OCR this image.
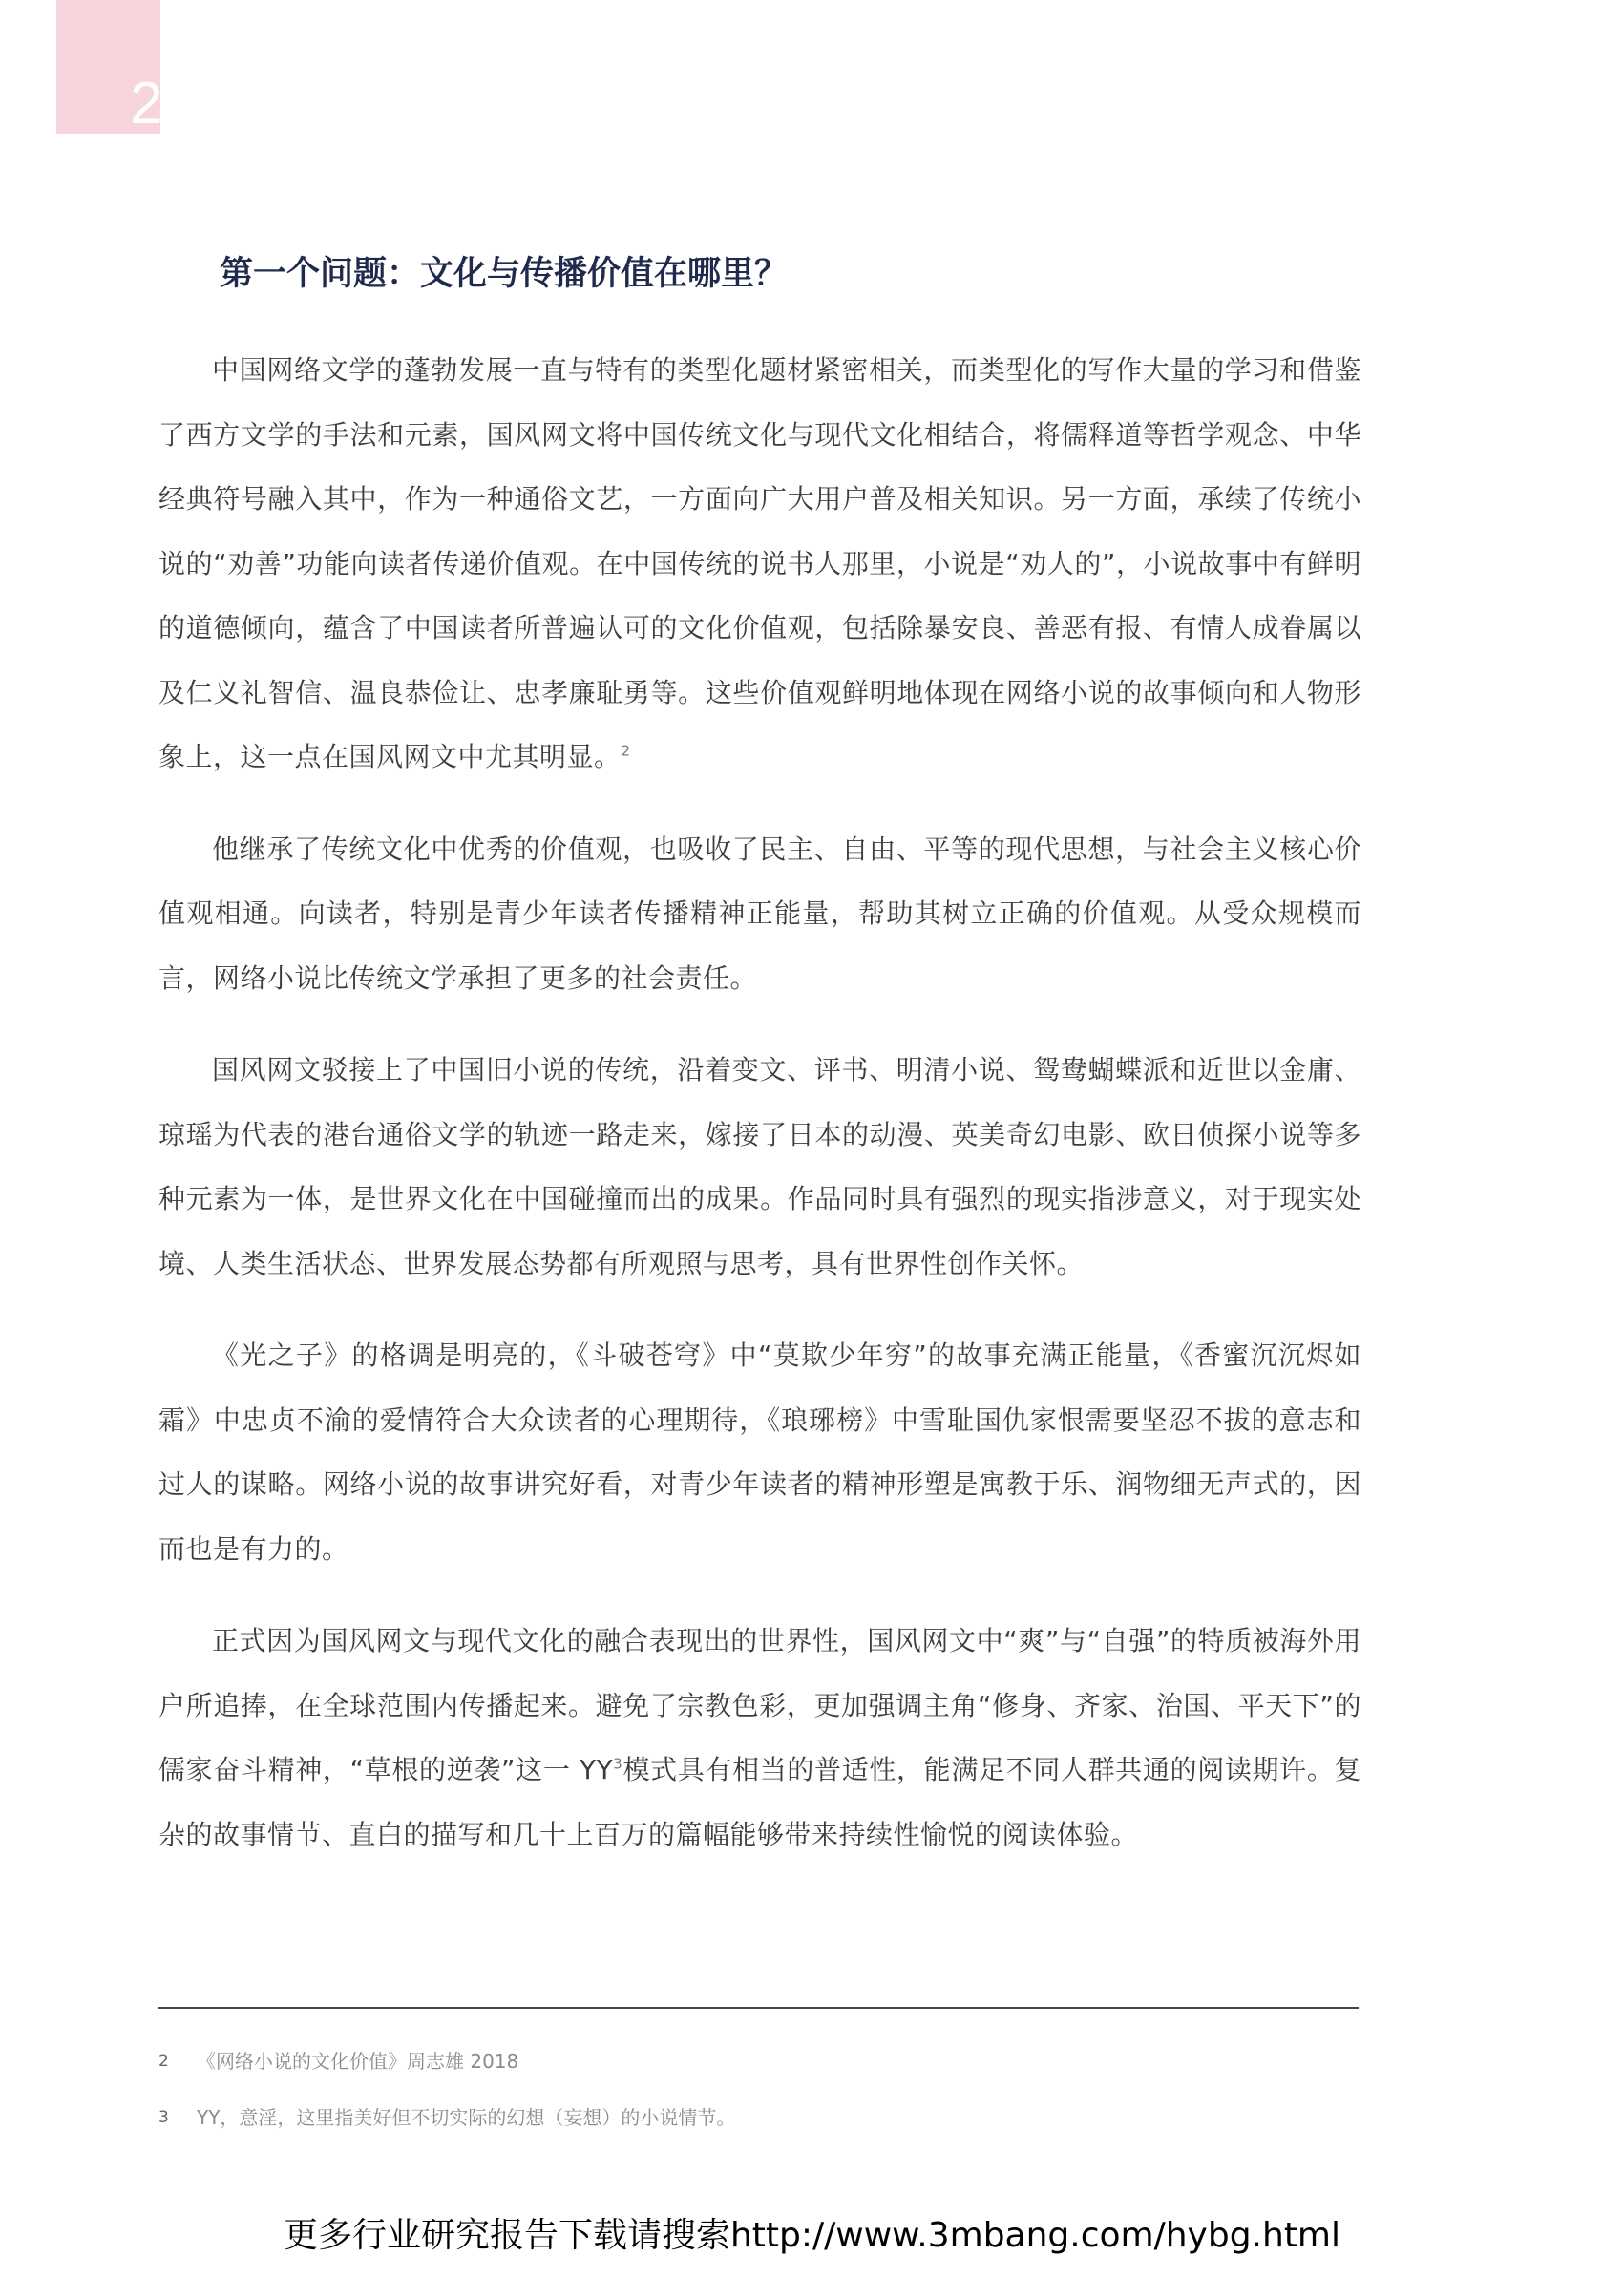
2
第一个问题：文化与传播价值在哪里？

中国网络文学的蓬勃发展一直与特有的类型化题材紧密相关，而类型化的写作大量的学习和借鉴了西方文学的手法和元素，国风网文将中国传统文化与现代文化相结合，将儒释道等哲学观念、中华经典符号融入其中，作为一种通俗文艺，一方面向广大用户普及相关知识。另一方面，承续了传统小说的“劝善”功能向读者传递价值观。在中国传统的说书人那里，小说是“劝人的”，小说故事中有鲜明的道德倾向，蕴含了中国读者所普遍认可的文化价值观，包括除暴安良、善恶有报、有情人成眷属以及仁义礼智信、温良恭俭让、忠孝廉耻勇等。这些价值观鲜明地体现在网络小说的故事倾向和人物形象上，这一点在国风网文中尤其明显。$^2$

他继承了传统文化中优秀的价值观，也吸收了民主、自由、平等的现代思想，与社会主义核心价值观相通。向读者，特别是青少年读者传播精神正能量，帮助其树立正确的价值观。从受众规模而言，网络小说比传统文学承担了更多的社会责任。

国风网文驳接上了中国旧小说的传统，沿着变文、评书、明清小说、鸳鸯蝴蝶派和近世以金庸、琼瑶为代表的港台通俗文学的轨迹一路走来，嫁接了日本的动漫、英美奇幻电影、欧日侦探小说等多种元素为一体，是世界文化在中国碰撞而出的成果。作品同时具有强烈的现实指涉意义，对于现实处境、人类生活状态、世界发展态势都有所观照与思考，具有世界性创作关怀。

《光之子》的格调是明亮的，《斗破苍穹》中“莫欺少年穷”的故事充满正能量，《香蜜沉沉烬如霜》中忠贞不渝的爱情符合大众读者的心理期待，《琅琊榜》中雪耻国仇家恨需要坚忍不拔的意志和过人的谋略。网络小说的故事讲究好看，对青少年读者的精神形塑是寓教于乐、润物细无声式的，因而也是有力的。

正式因为国风网文与现代文化的融合表现出的世界性，国风网文中“爽”与“自强”的特质被海外用户所追捧，在全球范围内传播起来。避免了宗教色彩，更加强调主角“修身、齐家、治国、平天下”的儒家奋斗精神，“草根的逆袭”这一 $YY^3$模式具有相当的普适性，能满足不同人群共通的阅读期许。复杂的故事情节、直白的描写和几十上百万的篇幅能够带来持续性愉悦的阅读体验。

2	《网络小说的文化价值》周志雄 2018
3	YY，意淫，这里指美好但不切实际的幻想（妄想）的小说情节。
更多行业研究报告下载请搜索http://www.3mbang.com/hybg.html
